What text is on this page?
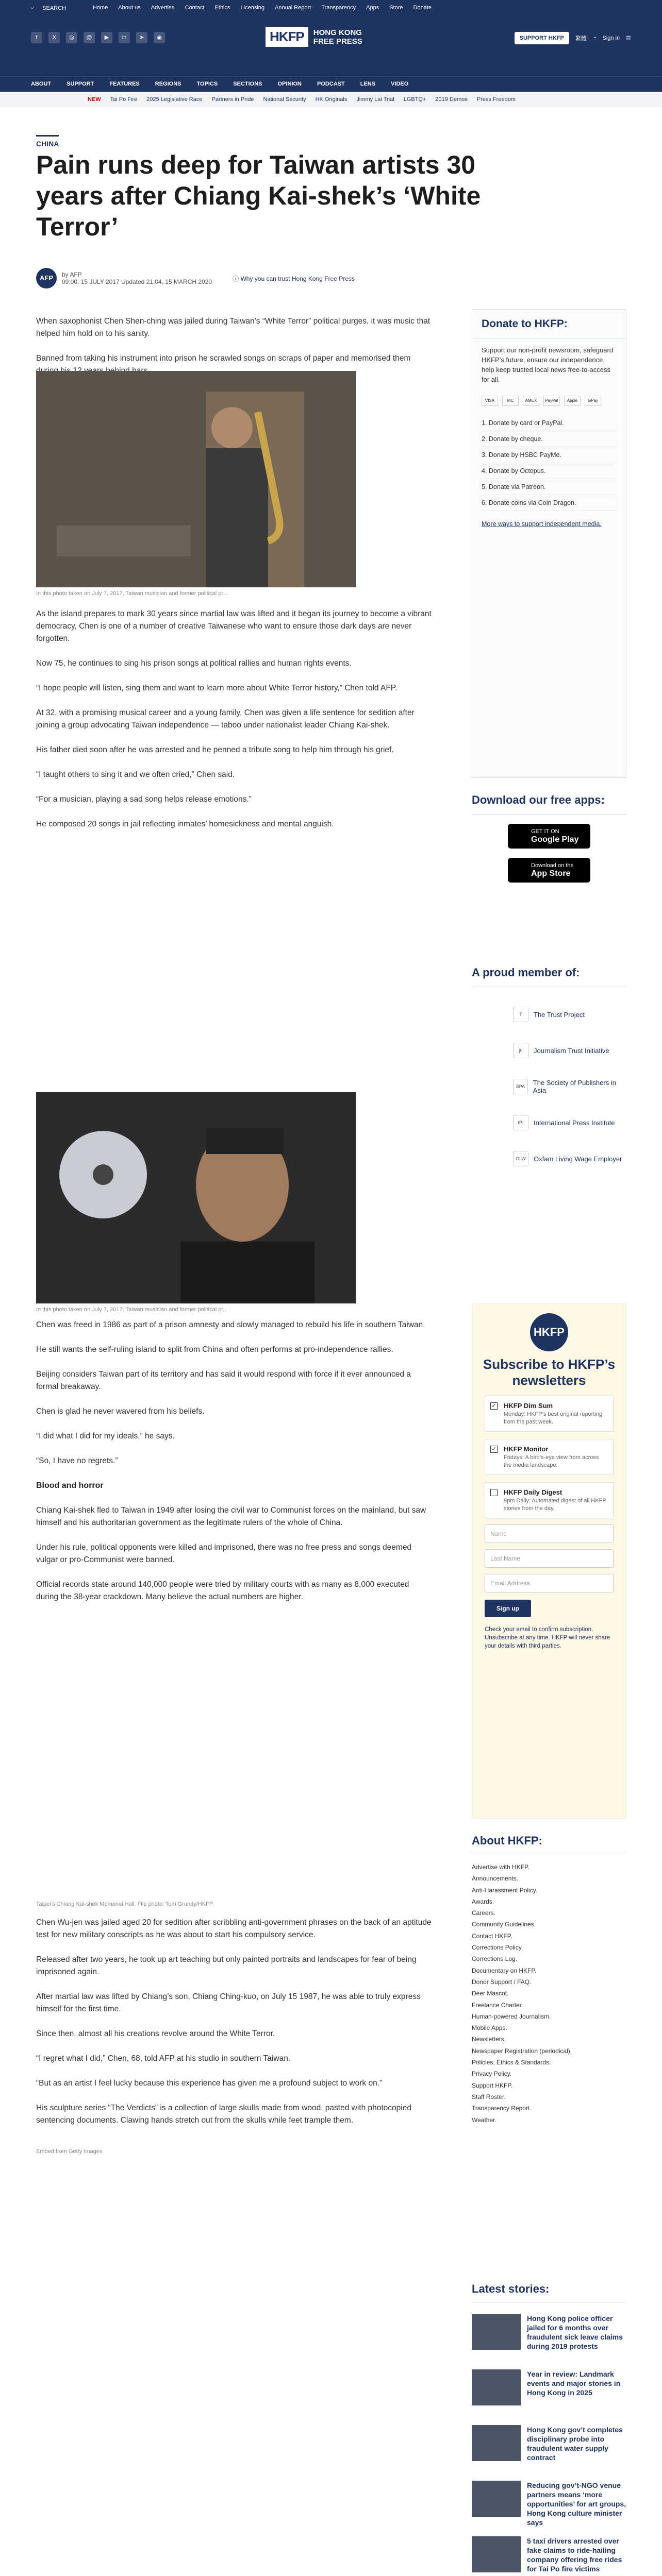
⌕ SEARCH	Home About us Advertise Contact Ethics Licensing Annual Report Transparency Apps Store Donate
f	X	◎	@	▶	in	➤	◉	HKFP	HONG KONG
FREE PRESS	SUPPORT HKFP	繁體 ◔ Sign in ☰
ABOUT	SUPPORT	FEATURES	REGIONS	TOPICS	SECTIONS	OPINION	PODCAST	LENS	VIDEO
NEW Tai Po Fire 2025 Legislative Race Partners in Pride National Security HK Originals Jimmy Lai Trial LGBTQ+ 2019 Demos Press Freedom
CHINA
Pain runs deep for Taiwan artists 30 years after Chiang Kai-shek’s ‘White Terror’
AFP	by AFP
09:00, 15 JULY 2017 Updated 21:04, 15 MARCH 2020	ⓘ Why you can trust Hong Kong Free Press

When saxophonist Chen Shen-ching was jailed during Taiwan’s “White Terror” political purges, it was music that helped him hold on to his sanity.

Banned from taking his instrument into prison he scrawled songs on scraps of paper and memorised them

In this photo taken on July 7, 2017, Taiwan musician and former political pr...

As the island prepares to mark 30 years since martial law was lifted and it began its journey to become a vibrant democracy, Chen is one of a number of creative Taiwanese who want to ensure those dark days are never forgotten.

Now 75, he continues to sing his prison songs at political rallies and human rights events.

“I hope people will listen, sing them and want to learn more about White Terror history,” Chen told AFP.

At 32, with a promising musical career and a young family, Chen was given a life sentence for sedition after joining a group advocating Taiwan independence — taboo under nationalist leader Chiang Kai-shek.

His father died soon after he was arrested and he penned a tribute song to help him through his grief.

“I taught others to sing it and we often cried,” Chen said.

“For a musician, playing a sad song helps release emotions.”

He composed 20 songs in jail reflecting inmates’ homesickness and mental anguish.

In this photo taken on July 7, 2017, Taiwan musician and former political pr...

Chen was freed in 1986 as part of a prison amnesty and slowly managed to rebuild his life in southern Taiwan.

He still wants the self-ruling island to split from China and often performs at pro-independence rallies.

Beijing considers Taiwan part of its territory and has said it would respond with force if it ever announced a formal breakaway.

Chen is glad he never wavered from his beliefs.

“I did what I did for my ideals,” he says.

“So, I have no regrets.”

Blood and horror

Chiang Kai-shek fled to Taiwan in 1949 after losing the civil war to Communist forces on the mainland, but saw himself and his authoritarian government as the legitimate rulers of the whole of China.

Under his rule, political opponents were killed and imprisoned, there was no free press and songs deemed vulgar or pro-Communist were banned.

Official records state around 140,000 people were tried by military courts with as many as 8,000 executed during the 38-year crackdown. Many believe the actual numbers are higher.

Taipei’s Chiang Kai-shek Memorial Hall. File photo: Tom Grundy/HKFP.

Chen Wu-jen was jailed aged 20 for sedition after scribbling anti-government phrases on the back of an aptitude test for new military conscripts as he was about to start his compulsory service.

Released after two years, he took up art teaching but only painted portraits and landscapes for fear of being imprisoned again.

After martial law was lifted by Chiang’s son, Chiang Ching-kuo, on July 15 1987, he was able to truly express himself for the first time.

Since then, almost all his creations revolve around the White Terror.

“I regret what I did,” Chen, 68, told AFP at his studio in southern Taiwan.

“But as an artist I feel lucky because this experience has given me a profound subject to work on.”

His sculpture series “The Verdicts” is a collection of large skulls made from wood, pasted with photocopied sentencing documents. Clawing hands stretch out from the skulls while feet trample them.

Embed from Getty Images

Donate to HKFP:
Support our non-profit newsroom, safeguard HKFP’s future, ensure our independence, help keep trusted local news free-to-access for all.
VISA	MC	AMEX	PayPal	Apple	GPay
1. Donate by card or PayPal.
2. Donate by cheque.
3. Donate by HSBC PayMe.
4. Donate by Octopus.
5. Donate via Patreon.
6. Donate coins via Coin Dragon.
More ways to support independent media.
Download our free apps:
GET IT ON
Google Play
Download on the
App Store
A proud member of:
T	The Trust Project
jti	Journalism Trust Initiative
SPA	The Society of Publishers in Asia
IPI	International Press Institute
OLW	Oxfam Living Wage Employer
HKFP
Subscribe to HKFP’s newsletters
✓ HKFP Dim Sum
Monday: HKFP’s best original reporting from the past week.
✓ HKFP Monitor
Fridays: A bird’s-eye view from across the media landscape.
HKFP Daily Digest
9pm Daily: Automated digest of all HKFP stories from the day.
Name
Last Name
Email Address
Sign up
Check your email to confirm subscription. Unsubscribe at any time. HKFP will never share your details with third parties.
About HKFP:
Advertise with HKFP.
Announcements.
Anti-Harassment Policy.
Awards.
Careers.
Community Guidelines.
Contact HKFP.
Corrections Policy.
Corrections Log.
Documentary on HKFP.
Donor Support / FAQ.
Deer Mascot.
Freelance Charter.
Human-powered Journalism.
Mobile Apps.
Newsletters.
Newspaper Registration (periodical).
Policies, Ethics & Standards.
Privacy Policy.
Support HKFP.
Staff Roster.
Transparency Report.
Weather.
Latest stories:
Hong Kong police officer jailed for 6 months over fraudulent sick leave claims during 2019 protests
Year in review: Landmark events and major stories in Hong Kong in 2025
Hong Kong gov’t completes disciplinary probe into fraudulent water supply contract
Reducing gov’t-NGO venue partners means ‘more opportunities’ for art groups, Hong Kong culture minister says
5 taxi drivers arrested over fake claims to ride-hailing company offering free rides for Tai Po fire victims
